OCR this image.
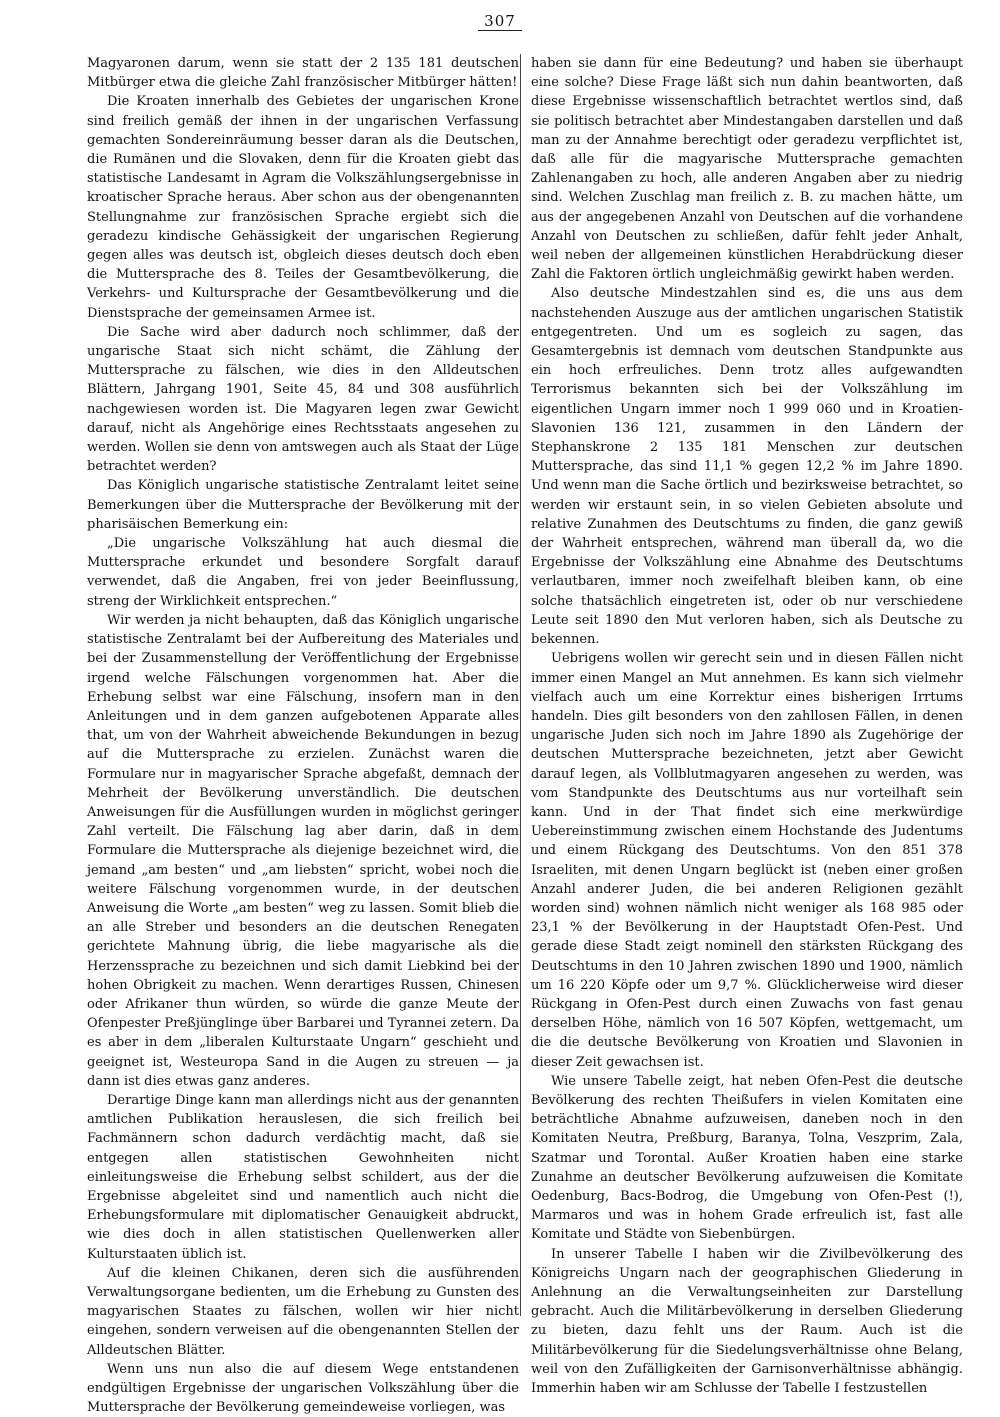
307

Magyaronen darum, wenn sie statt der 2 135 181 deutschen Mitbürger etwa die gleiche Zahl französischer Mitbürger hätten!

Die Kroaten innerhalb des Gebietes der ungarischen Krone sind freilich gemäß der ihnen in der ungarischen Verfassung gemachten Sondereinräumung besser daran als die Deutschen, die Rumänen und die Slovaken, denn für die Kroaten giebt das statistische Landesamt in Agram die Volkszählungsergebnisse in kroatischer Sprache heraus. Aber schon aus der obengenannten Stellungnahme zur französischen Sprache ergiebt sich die geradezu kindische Gehässigkeit der ungarischen Regierung gegen alles was deutsch ist, obgleich dieses deutsch doch eben die Muttersprache des 8. Teiles der Gesamtbevölkerung, die Verkehrs- und Kultursprache der Gesamtbevölkerung und die Dienstsprache der gemeinsamen Armee ist.

Die Sache wird aber dadurch noch schlimmer, daß der ungarische Staat sich nicht schämt, die Zählung der Muttersprache zu fälschen, wie dies in den Alldeutschen Blättern, Jahrgang 1901, Seite 45, 84 und 308 ausführlich nachgewiesen worden ist. Die Magyaren legen zwar Gewicht darauf, nicht als Angehörige eines Rechtsstaats angesehen zu werden. Wollen sie denn von amtswegen auch als Staat der Lüge betrachtet werden?

Das Königlich ungarische statistische Zentralamt leitet seine Bemerkungen über die Muttersprache der Bevölkerung mit der pharisäischen Bemerkung ein:

„Die ungarische Volkszählung hat auch diesmal die Muttersprache erkundet und besondere Sorgfalt darauf verwendet, daß die Angaben, frei von jeder Beeinflussung, streng der Wirklichkeit entsprechen.“

Wir werden ja nicht behaupten, daß das Königlich ungarische statistische Zentralamt bei der Aufbereitung des Materiales und bei der Zusammenstellung der Veröffentlichung der Ergebnisse irgend welche Fälschungen vorgenommen hat. Aber die Erhebung selbst war eine Fälschung, insofern man in den Anleitungen und in dem ganzen aufgebotenen Apparate alles that, um von der Wahrheit abweichende Bekundungen in bezug auf die Muttersprache zu erzielen. Zunächst waren die Formulare nur in magyarischer Sprache abgefaßt, demnach der Mehrheit der Bevölkerung unverständlich. Die deutschen Anweisungen für die Ausfüllungen wurden in möglichst geringer Zahl verteilt. Die Fälschung lag aber darin, daß in dem Formulare die Muttersprache als diejenige bezeichnet wird, die jemand „am besten“ und „am liebsten“ spricht, wobei noch die weitere Fälschung vorgenommen wurde, in der deutschen Anweisung die Worte „am besten“ weg zu lassen. Somit blieb die an alle Streber und besonders an die deutschen Renegaten gerichtete Mahnung übrig, die liebe magyarische als die Herzenssprache zu bezeichnen und sich damit Liebkind bei der hohen Obrigkeit zu machen. Wenn derartiges Russen, Chinesen oder Afrikaner thun würden, so würde die ganze Meute der Ofenpester Preßjünglinge über Barbarei und Tyrannei zetern. Da es aber in dem „liberalen Kulturstaate Ungarn“ geschieht und geeignet ist, Westeuropa Sand in die Augen zu streuen — ja dann ist dies etwas ganz anderes.

Derartige Dinge kann man allerdings nicht aus der genannten amtlichen Publikation herauslesen, die sich freilich bei Fachmännern schon dadurch verdächtig macht, daß sie entgegen allen statistischen Gewohnheiten nicht einleitungsweise die Erhebung selbst schildert, aus der die Ergebnisse abgeleitet sind und namentlich auch nicht die Erhebungsformulare mit diplomatischer Genauigkeit abdruckt, wie dies doch in allen statistischen Quellenwerken aller Kulturstaaten üblich ist.

Auf die kleinen Chikanen, deren sich die ausführenden Verwaltungsorgane bedienten, um die Erhebung zu Gunsten des magyarischen Staates zu fälschen, wollen wir hier nicht eingehen, sondern verweisen auf die obengenannten Stellen der Alldeutschen Blätter.

Wenn uns nun also die auf diesem Wege entstandenen endgültigen Ergebnisse der ungarischen Volkszählung über die Muttersprache der Bevölkerung gemeindeweise vorliegen, was

haben sie dann für eine Bedeutung? und haben sie überhaupt eine solche? Diese Frage läßt sich nun dahin beantworten, daß diese Ergebnisse wissenschaftlich betrachtet wertlos sind, daß sie politisch betrachtet aber Mindestangaben darstellen und daß man zu der Annahme berechtigt oder geradezu verpflichtet ist, daß alle für die magyarische Muttersprache gemachten Zahlenangaben zu hoch, alle anderen Angaben aber zu niedrig sind. Welchen Zuschlag man freilich z. B. zu machen hätte, um aus der angegebenen Anzahl von Deutschen auf die vorhandene Anzahl von Deutschen zu schließen, dafür fehlt jeder Anhalt, weil neben der allgemeinen künstlichen Herabdrückung dieser Zahl die Faktoren örtlich ungleichmäßig gewirkt haben werden.

Also deutsche Mindestzahlen sind es, die uns aus dem nachstehenden Auszuge aus der amtlichen ungarischen Statistik entgegentreten. Und um es sogleich zu sagen, das Gesamtergebnis ist demnach vom deutschen Standpunkte aus ein hoch erfreuliches. Denn trotz alles aufgewandten Terrorismus bekannten sich bei der Volkszählung im eigentlichen Ungarn immer noch 1 999 060 und in Kroatien-Slavonien 136 121, zusammen in den Ländern der Stephanskrone 2 135 181 Menschen zur deutschen Muttersprache, das sind 11,1 % gegen 12,2 % im Jahre 1890. Und wenn man die Sache örtlich und bezirksweise betrachtet, so werden wir erstaunt sein, in so vielen Gebieten absolute und relative Zunahmen des Deutschtums zu finden, die ganz gewiß der Wahrheit entsprechen, während man überall da, wo die Ergebnisse der Volkszählung eine Abnahme des Deutschtums verlautbaren, immer noch zweifelhaft bleiben kann, ob eine solche thatsächlich eingetreten ist, oder ob nur verschiedene Leute seit 1890 den Mut verloren haben, sich als Deutsche zu bekennen.

Uebrigens wollen wir gerecht sein und in diesen Fällen nicht immer einen Mangel an Mut annehmen. Es kann sich vielmehr vielfach auch um eine Korrektur eines bisherigen Irrtums handeln. Dies gilt besonders von den zahllosen Fällen, in denen ungarische Juden sich noch im Jahre 1890 als Zugehörige der deutschen Muttersprache bezeichneten, jetzt aber Gewicht darauf legen, als Vollblutmagyaren angesehen zu werden, was vom Standpunkte des Deutschtums aus nur vorteilhaft sein kann. Und in der That findet sich eine merkwürdige Uebereinstimmung zwischen einem Hochstande des Judentums und einem Rückgang des Deutschtums. Von den 851 378 Israeliten, mit denen Ungarn beglückt ist (neben einer großen Anzahl anderer Juden, die bei anderen Religionen gezählt worden sind) wohnen nämlich nicht weniger als 168 985 oder 23,1 % der Bevölkerung in der Hauptstadt Ofen-Pest. Und gerade diese Stadt zeigt nominell den stärksten Rückgang des Deutschtums in den 10 Jahren zwischen 1890 und 1900, nämlich um 16 220 Köpfe oder um 9,7 %. Glücklicherweise wird dieser Rückgang in Ofen-Pest durch einen Zuwachs von fast genau derselben Höhe, nämlich von 16 507 Köpfen, wettgemacht, um die die deutsche Bevölkerung von Kroatien und Slavonien in dieser Zeit gewachsen ist.

Wie unsere Tabelle zeigt, hat neben Ofen-Pest die deutsche Bevölkerung des rechten Theißufers in vielen Komitaten eine beträchtliche Abnahme aufzuweisen, daneben noch in den Komitaten Neutra, Preßburg, Baranya, Tolna, Veszprim, Zala, Szatmar und Torontal. Außer Kroatien haben eine starke Zunahme an deutscher Bevölkerung aufzuweisen die Komitate Oedenburg, Bacs-Bodrog, die Umgebung von Ofen-Pest (!), Marmaros und was in hohem Grade erfreulich ist, fast alle Komitate und Städte von Siebenbürgen.

In unserer Tabelle I haben wir die Zivilbevölkerung des Königreichs Ungarn nach der geographischen Gliederung in Anlehnung an die Verwaltungseinheiten zur Darstellung gebracht. Auch die Militärbevölkerung in derselben Gliederung zu bieten, dazu fehlt uns der Raum. Auch ist die Militärbevölkerung für die Siedelungsverhältnisse ohne Belang, weil von den Zufälligkeiten der Garnisonverhältnisse abhängig. Immerhin haben wir am Schlusse der Tabelle I festzustellen
